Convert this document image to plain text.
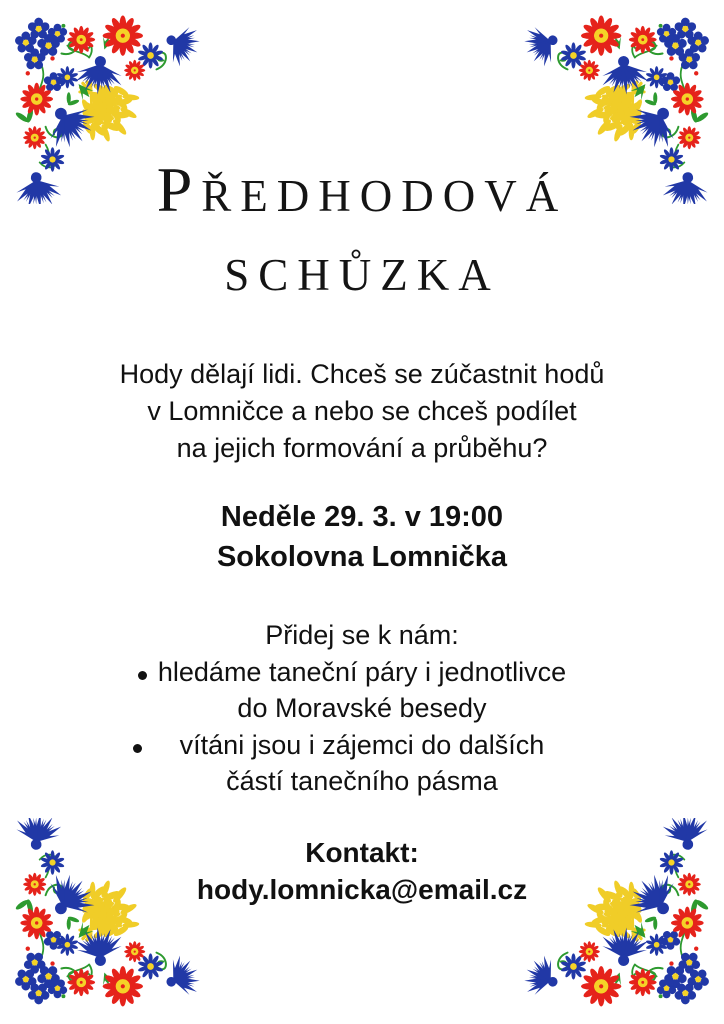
Předhodová
schůzka

Hody dělají lidi. Chceš se zúčastnit hodů
v Lomničce a nebo se chceš podílet
na jejich formování a průběhu?

Neděle 29. 3. v 19:00
Sokolovna Lomnička

Přidej se k nám:

hledáme taneční páry i jednotlivce

do Moravské besedy

vítáni jsou i zájemci do dalších

částí tanečního pásma

Kontakt:

hody.lomnicka@email.cz
